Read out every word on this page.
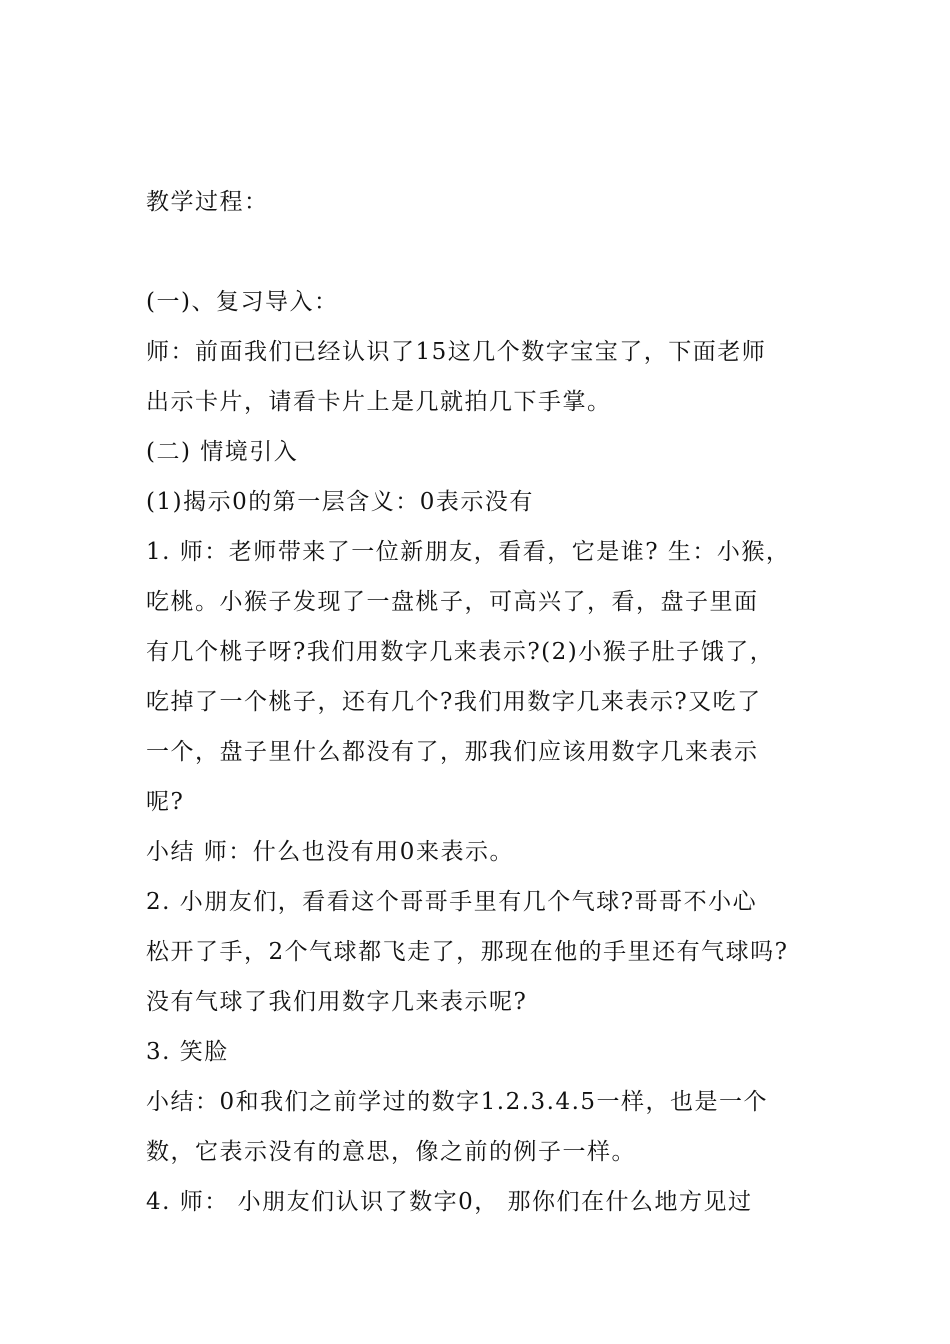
教学过程：
(一)、复习导入：
师：前面我们已经认识了15这几个数字宝宝了，下面老师
出示卡片，请看卡片上是几就拍几下手掌。
(二) 情境引入
(1)揭示0的第一层含义：0表示没有
1. 师：老师带来了一位新朋友，看看，它是谁? 生：小猴，
吃桃。小猴子发现了一盘桃子，可高兴了，看，盘子里面
有几个桃子呀?我们用数字几来表示?(2)小猴子肚子饿了，
吃掉了一个桃子，还有几个?我们用数字几来表示?又吃了
一个，盘子里什么都没有了，那我们应该用数字几来表示
呢?
小结 师：什么也没有用0来表示。
2. 小朋友们，看看这个哥哥手里有几个气球?哥哥不小心
松开了手，2个气球都飞走了，那现在他的手里还有气球吗?
没有气球了我们用数字几来表示呢?
3. 笑脸
小结：0和我们之前学过的数字1.2.3.4.5一样，也是一个
数，它表示没有的意思，像之前的例子一样。
4. 师： 小朋友们认识了数字0， 那你们在什么地方见过
